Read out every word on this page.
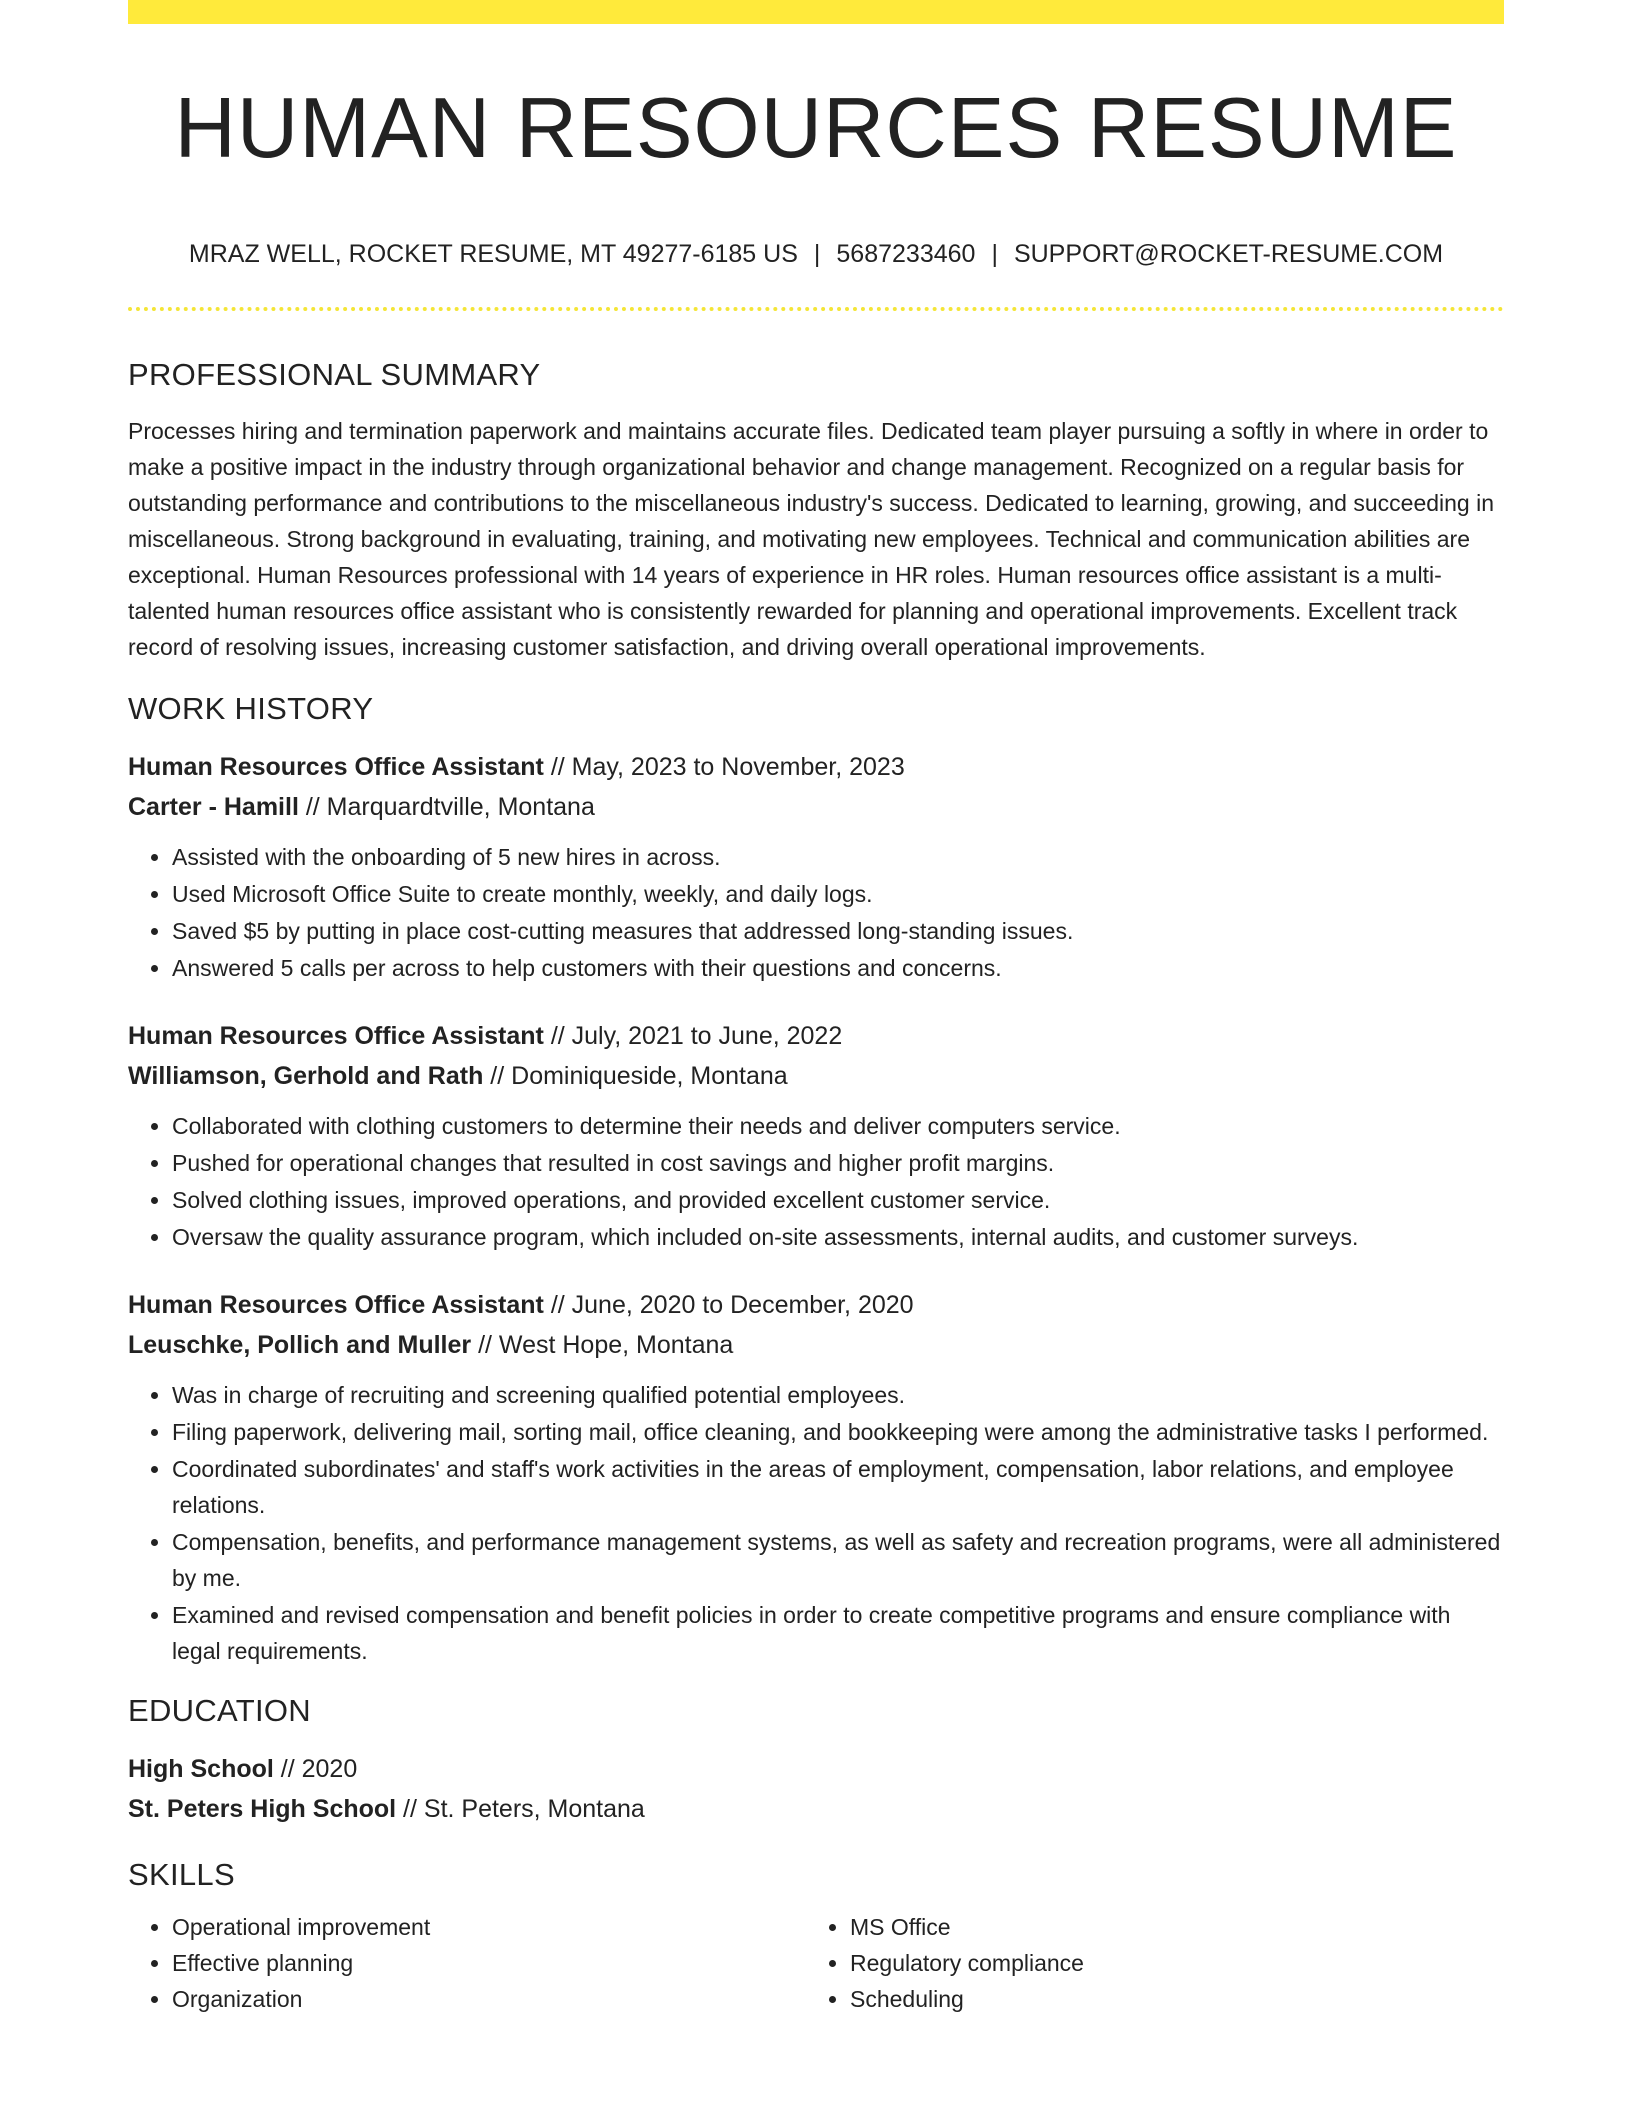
HUMAN RESOURCES RESUME
MRAZ WELL, ROCKET RESUME, MT 49277-6185 US | 5687233460 | SUPPORT@ROCKET-RESUME.COM
PROFESSIONAL SUMMARY

Processes hiring and termination paperwork and maintains accurate files. Dedicated team player pursuing a softly in where in order to make a positive impact in the industry through organizational behavior and change management. Recognized on a regular basis for outstanding performance and contributions to the miscellaneous industry's success. Dedicated to learning, growing, and succeeding in miscellaneous. Strong background in evaluating, training, and motivating new employees. Technical and communication abilities are exceptional. Human Resources professional with 14 years of experience in HR roles. Human resources office assistant is a multi-talented human resources office assistant who is consistently rewarded for planning and operational improvements. Excellent track record of resolving issues, increasing customer satisfaction, and driving overall operational improvements.

WORK HISTORY
Human Resources Office Assistant // May, 2023 to November, 2023
Carter - Hamill // Marquardtville, Montana
• Assisted with the onboarding of 5 new hires in across.
• Used Microsoft Office Suite to create monthly, weekly, and daily logs.
• Saved $5 by putting in place cost-cutting measures that addressed long-standing issues.
• Answered 5 calls per across to help customers with their questions and concerns.
Human Resources Office Assistant // July, 2021 to June, 2022
Williamson, Gerhold and Rath // Dominiqueside, Montana
• Collaborated with clothing customers to determine their needs and deliver computers service.
• Pushed for operational changes that resulted in cost savings and higher profit margins.
• Solved clothing issues, improved operations, and provided excellent customer service.
• Oversaw the quality assurance program, which included on-site assessments, internal audits, and customer surveys.
Human Resources Office Assistant // June, 2020 to December, 2020
Leuschke, Pollich and Muller // West Hope, Montana
• Was in charge of recruiting and screening qualified potential employees.
• Filing paperwork, delivering mail, sorting mail, office cleaning, and bookkeeping were among the administrative tasks I performed.
• Coordinated subordinates' and staff's work activities in the areas of employment, compensation, labor relations, and employee relations.
• Compensation, benefits, and performance management systems, as well as safety and recreation programs, were all administered by me.
• Examined and revised compensation and benefit policies in order to create competitive programs and ensure compliance with legal requirements.
EDUCATION
High School // 2020
St. Peters High School // St. Peters, Montana
SKILLS
• Operational improvement
• Effective planning
• Organization
• MS Office
• Regulatory compliance
• Scheduling
